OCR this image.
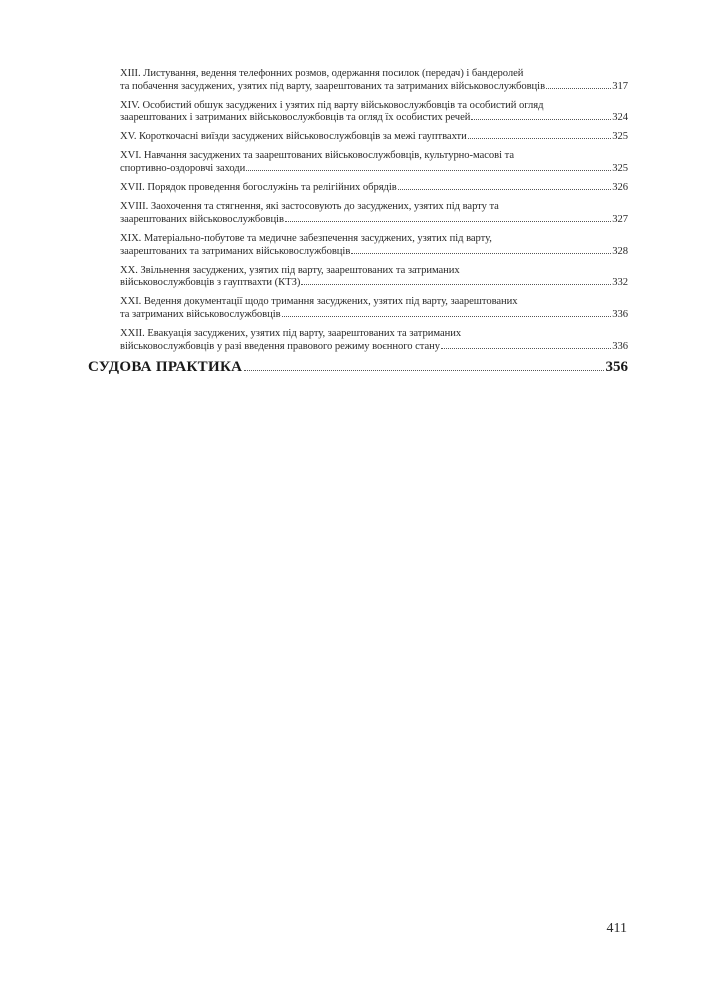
XIII. Листування, ведення телефонних розмов, одержання посилок (передач) і бандеролей
та побачення засуджених, узятих під варту, заарештованих та затриманих військовослужбовців	317
XIV. Особистий обшук засуджених і узятих під варту військовослужбовців та особистий огляд
заарештованих і затриманих військовослужбовців та огляд їх особистих речей	324
XV. Короткочасні виїзди засуджених військовослужбовців за межі гауптвахти	325
XVI. Навчання засуджених та заарештованих військовослужбовців, культурно-масові та
спортивно-оздоровчі заходи	325
XVII. Порядок проведення богослужінь та релігійних обрядів	326
XVIII. Заохочення та стягнення, які застосовують до засуджених, узятих під варту та
заарештованих військовослужбовців	327
XIX. Матеріально-побутове та медичне забезпечення засуджених, узятих під варту,
заарештованих та затриманих військовослужбовців	328
XX. Звільнення засуджених, узятих під варту, заарештованих та затриманих
військовослужбовців з гауптвахти (КТЗ)	332
XXI. Ведення документації щодо тримання засуджених, узятих під варту, заарештованих
та затриманих військовослужбовців	336
XXII. Евакуація засуджених, узятих під варту, заарештованих та затриманих
військовослужбовців у разі введення правового режиму воєнного стану	336
СУДОВА ПРАКТИКА	356
411
